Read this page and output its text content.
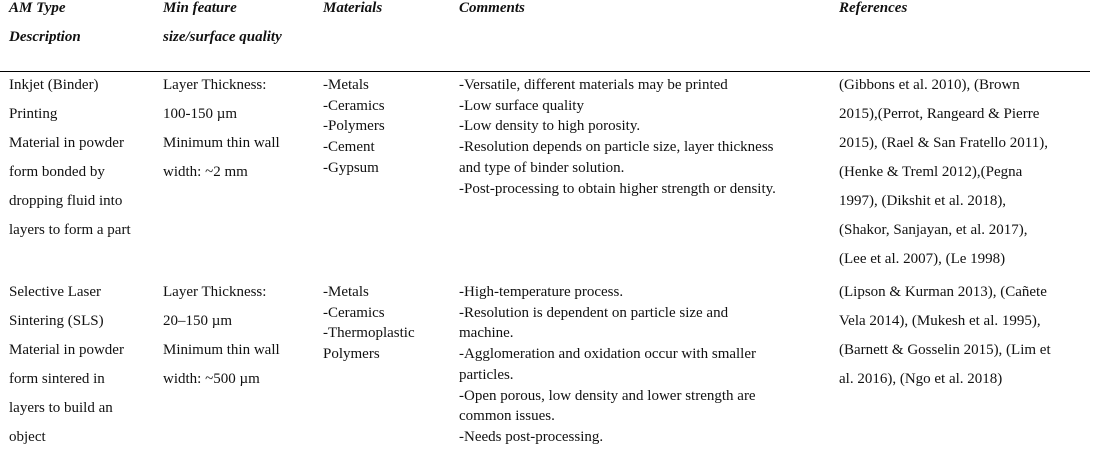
AM Type
Description
Min feature
size/surface quality
Materials	Comments	References
Inkjet (Binder)
Printing
Material in powder
form bonded by
dropping fluid into
layers to form a part
Layer Thickness:
100-150 µm
Minimum thin wall
width: ~2 mm
-Metals
-Ceramics
-Polymers
-Cement
-Gypsum
-Versatile, different materials may be printed
-Low surface quality
-Low density to high porosity.
-Resolution depends on particle size, layer thickness
and type of binder solution.
-Post-processing to obtain higher strength or density.
(Gibbons et al. 2010), (Brown
2015),(Perrot, Rangeard & Pierre
2015), (Rael & San Fratello 2011),
(Henke & Treml 2012),(Pegna
1997), (Dikshit et al. 2018),
(Shakor, Sanjayan, et al. 2017),
(Lee et al. 2007), (Le 1998)
Selective Laser
Sintering (SLS)
Material in powder
form sintered in
layers to build an
object
Layer Thickness:
20–150 µm
Minimum thin wall
width: ~500 µm
-Metals
-Ceramics
-Thermoplastic
Polymers
-High-temperature process.
-Resolution is dependent on particle size and
machine.
-Agglomeration and oxidation occur with smaller
particles.
-Open porous, low density and lower strength are
common issues.
-Needs post-processing.
(Lipson & Kurman 2013), (Cañete
Vela 2014), (Mukesh et al. 1995),
(Barnett & Gosselin 2015), (Lim et
al. 2016), (Ngo et al. 2018)
